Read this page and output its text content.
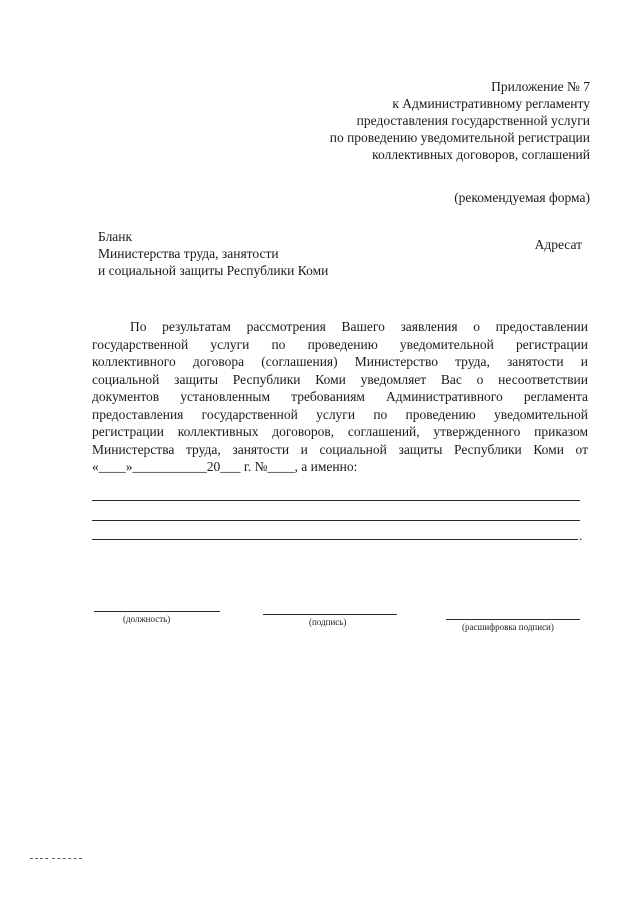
Приложение № 7
к Административному регламенту
предоставления государственной услуги
по проведению уведомительной регистрации
коллективных договоров, соглашений
(рекомендуемая форма)
Бланк
Министерства труда, занятости
и социальной защиты Республики Коми
Адресат
По результатам рассмотрения Вашего заявления о предоставлении
государственной услуги по проведению уведомительной регистрации
коллективного договора (соглашения) Министерство труда, занятости и
социальной защиты Республики Коми уведомляет Вас о несоответствии
документов установленным требованиям Административного регламента
предоставления государственной услуги по проведению уведомительной
регистрации коллективных договоров, соглашений, утвержденного приказом
Министерства труда, занятости и социальной защиты Республики Коми от
«____»___________20___ г. №____, а именно:
.
(должность)	(подпись)	(расшифровка подписи)
